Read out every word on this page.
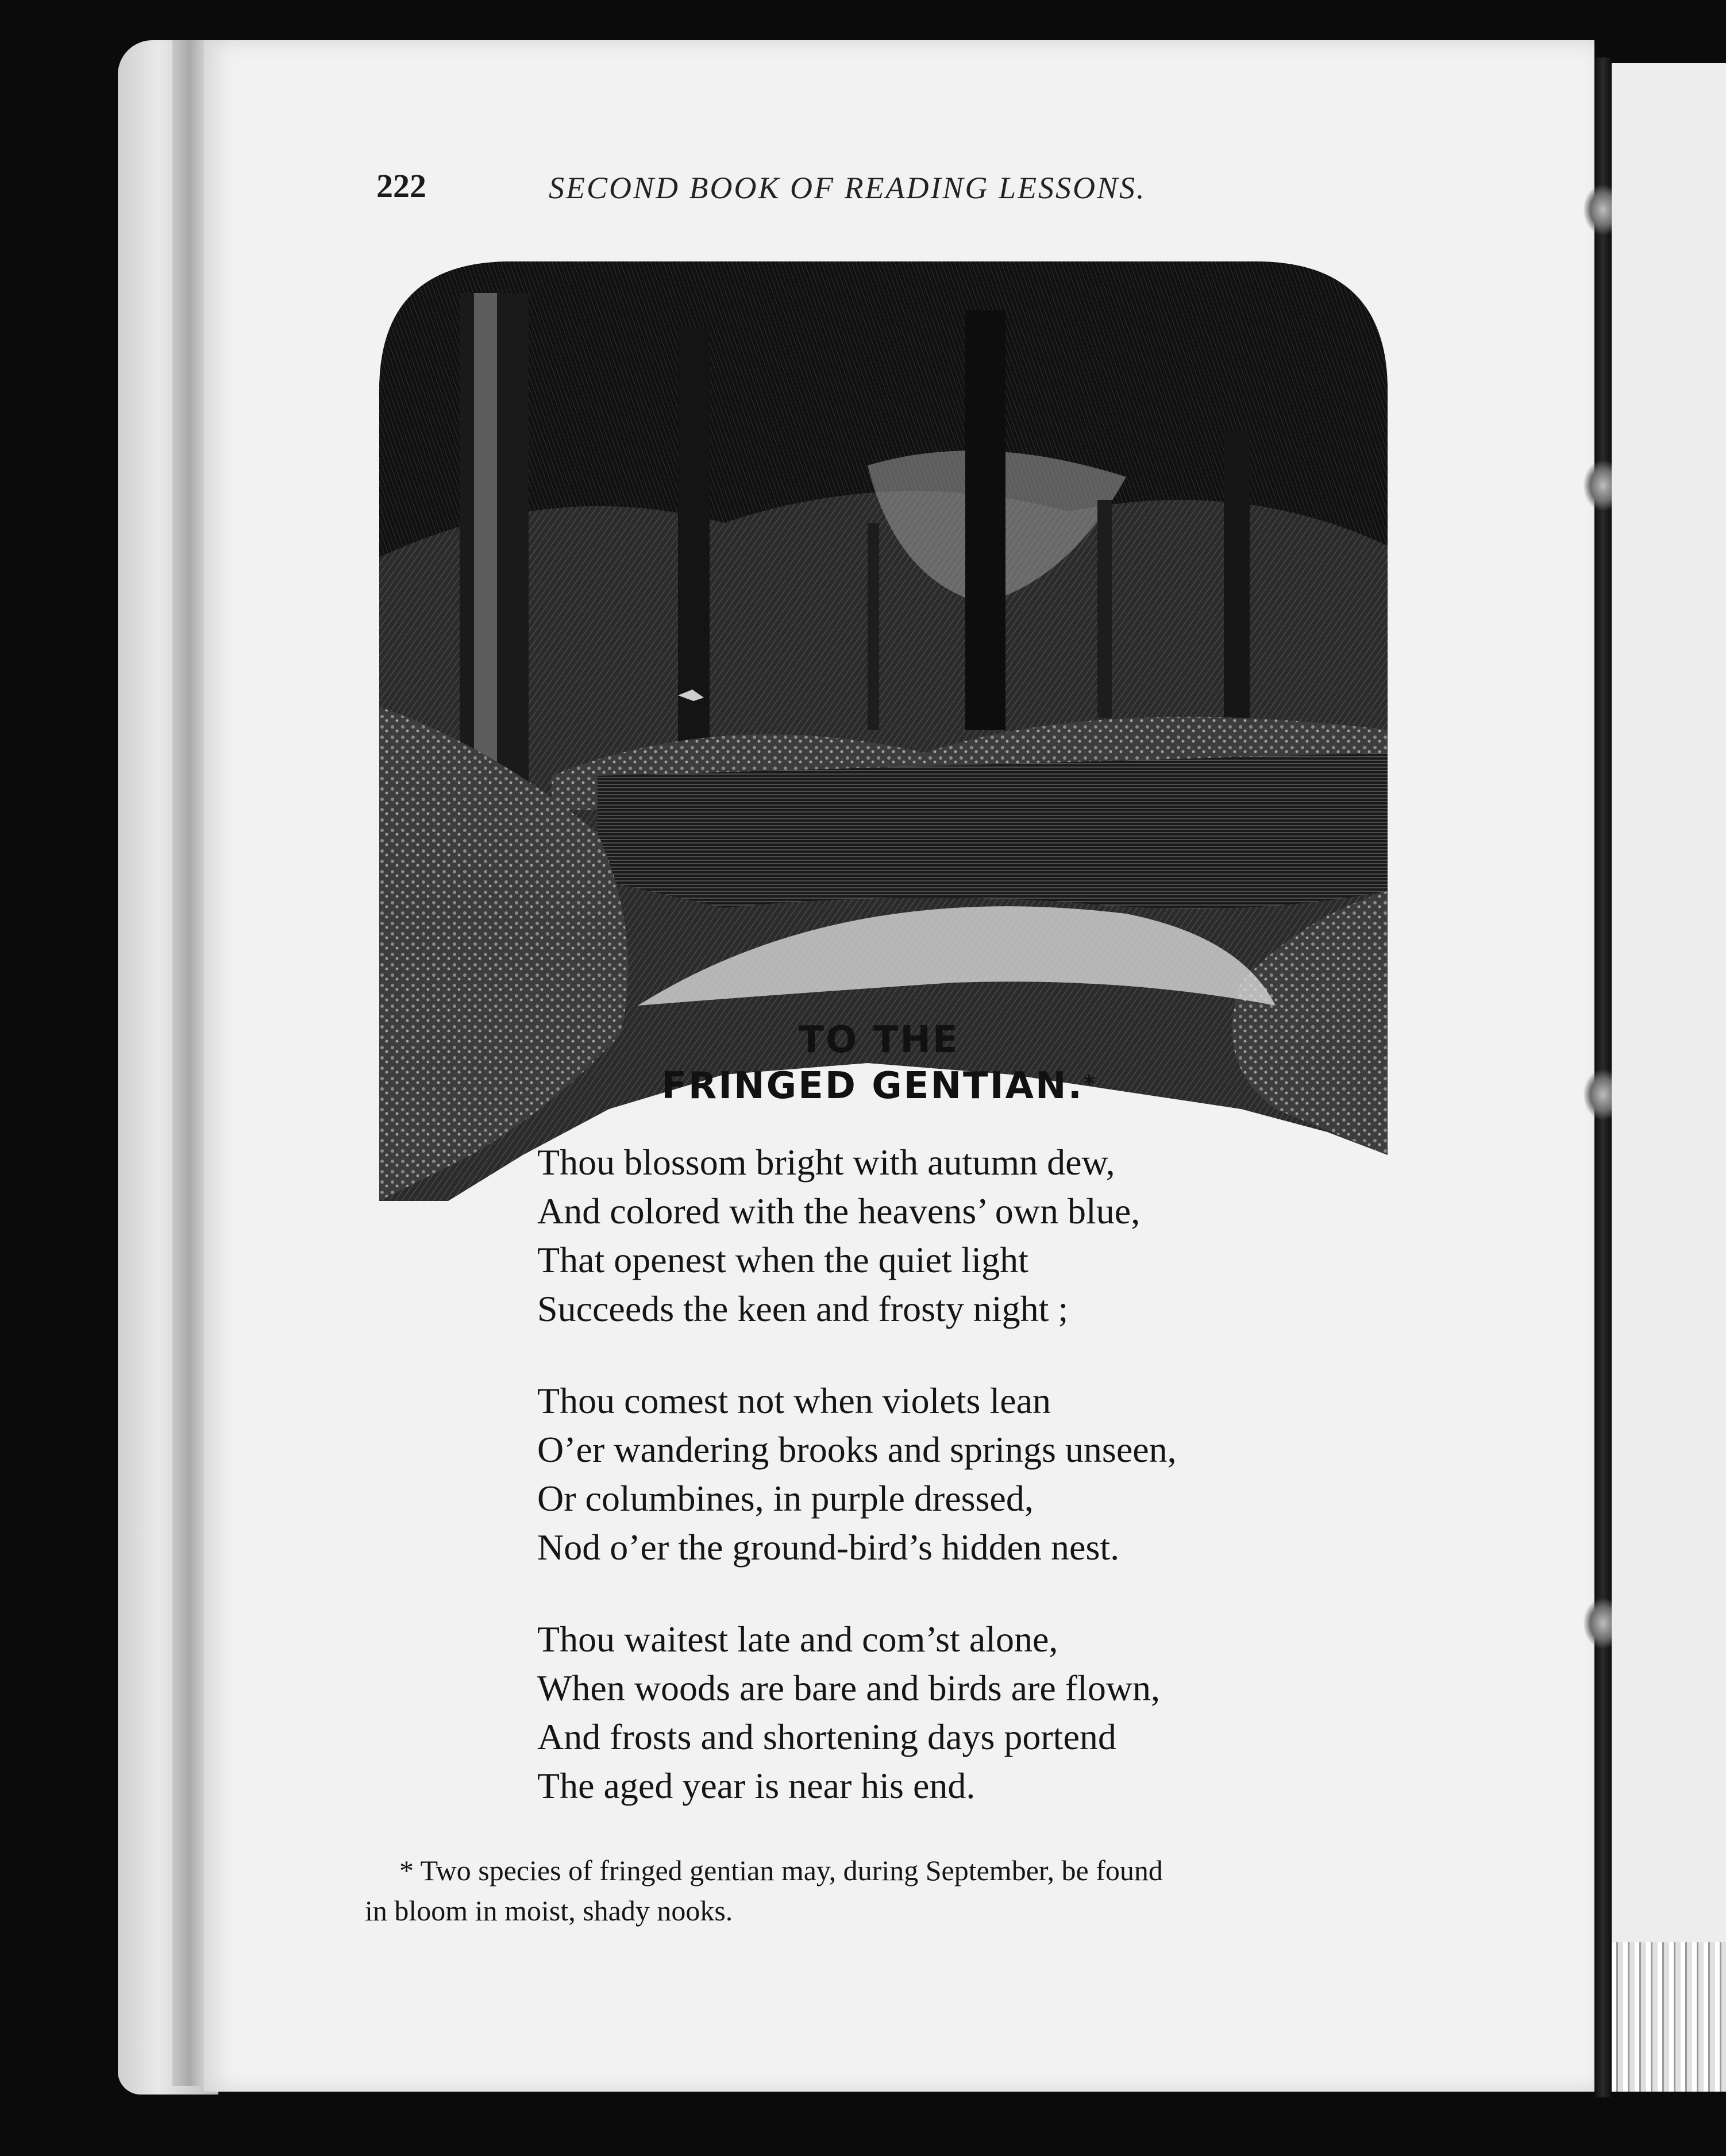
222	SECOND BOOK OF READING LESSONS.
TO THE
FRINGED GENTIAN.*
Thou blossom bright with autumn dew,
And colored with the heavens’ own blue,
That openest when the quiet light
Succeeds the keen and frosty night ;
Thou comest not when violets lean
O’er wandering brooks and springs unseen,
Or columbines, in purple dressed,
Nod o’er the ground-bird’s hidden nest.
Thou waitest late and com’st alone,
When woods are bare and birds are flown,
And frosts and shortening days portend
The aged year is near his end.
* Two species of fringed gentian may, during September, be found
in bloom in moist, shady nooks.
